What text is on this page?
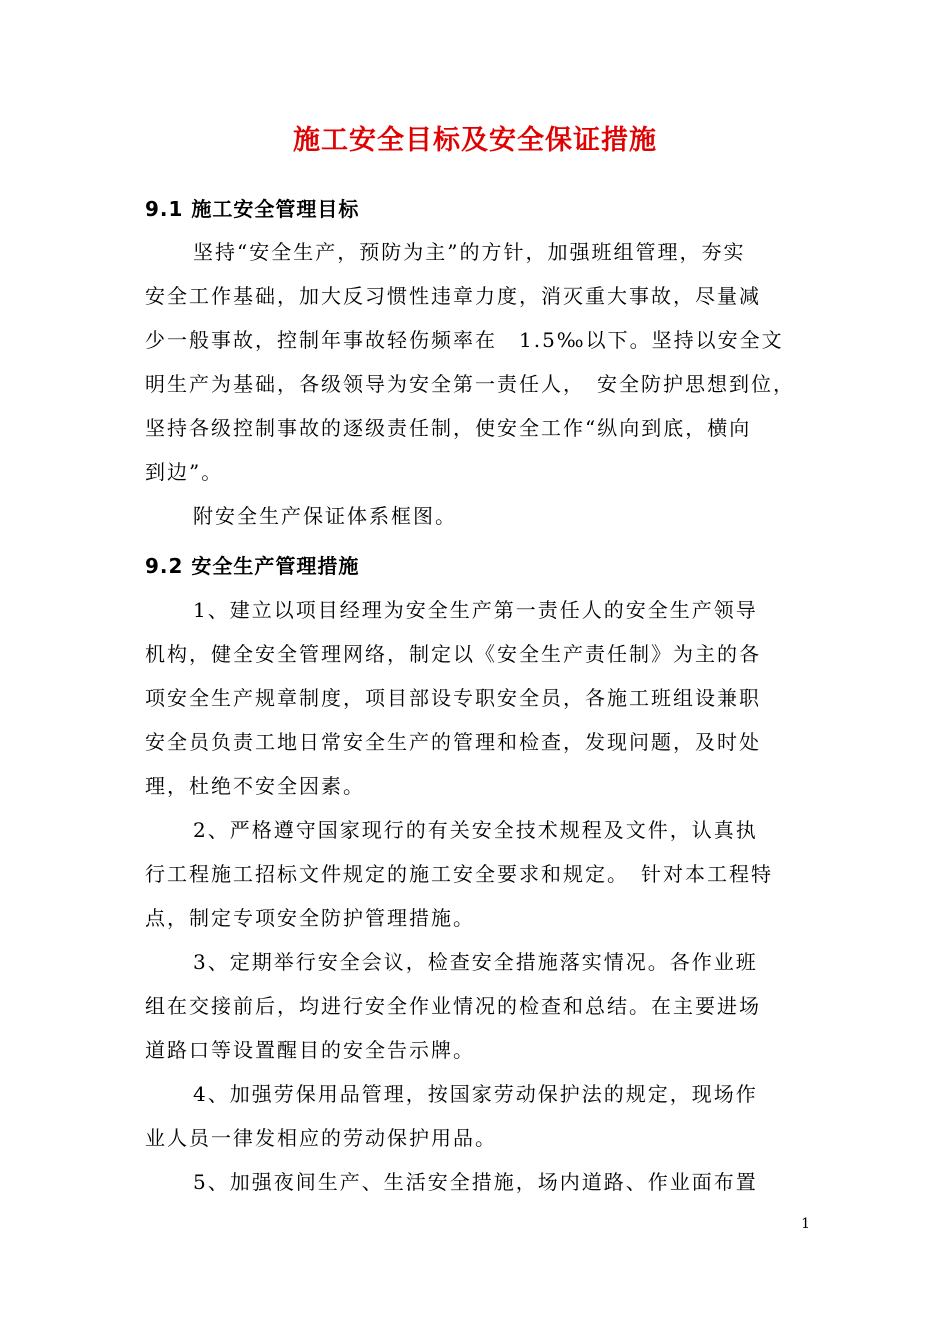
施工安全目标及安全保证措施
9.1 施工安全管理目标
坚持“安全生产，预防为主”的方针，加强班组管理，夯实
安全工作基础，加大反习惯性违章力度，消灭重大事故，尽量减
少一般事故，控制年事故轻伤频率在　1.5‰以下。坚持以安全文
明生产为基础，各级领导为安全第一责任人，　安全防护思想到位，
坚持各级控制事故的逐级责任制，使安全工作“纵向到底，横向
到边”。
附安全生产保证体系框图。
9.2 安全生产管理措施
1、建立以项目经理为安全生产第一责任人的安全生产领导
机构，健全安全管理网络，制定以《安全生产责任制》为主的各
项安全生产规章制度，项目部设专职安全员，各施工班组设兼职
安全员负责工地日常安全生产的管理和检查，发现问题，及时处
理，杜绝不安全因素。
2、严格遵守国家现行的有关安全技术规程及文件，认真执
行工程施工招标文件规定的施工安全要求和规定。　针对本工程特
点，制定专项安全防护管理措施。
3、定期举行安全会议，检查安全措施落实情况。各作业班
组在交接前后，均进行安全作业情况的检查和总结。在主要进场
道路口等设置醒目的安全告示牌。
4、加强劳保用品管理，按国家劳动保护法的规定，现场作
业人员一律发相应的劳动保护用品。
5、加强夜间生产、生活安全措施，场内道路、作业面布置
1
